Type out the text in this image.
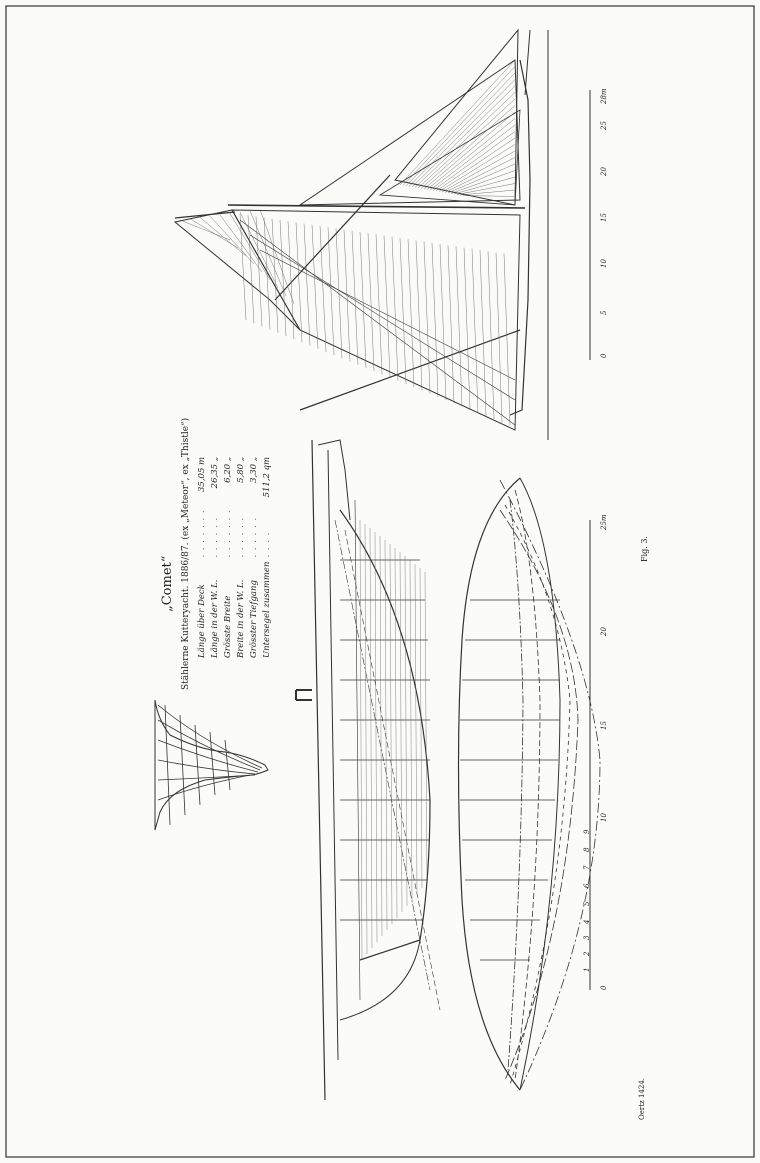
„Comet“ Stählerne Kutteryacht. 1886/87. (ex „Meteor“, ex „Thistle“) Länge über Deck	. . . . . . .	35,05 m
Länge in der W. L.	. . . . . .	26,35 „
Grösste Breite	. . . . . . .	6,20 „
Breite in der W. L.	. . . . . .	5,80 „
Grösster Tiefgang	. . . . . .	3,30 „
Untersegel zusammen	. . . .	511,2 qm
Fig. 3.
Oertz 1424.
0
5
10
15
20
25
28m
0
10
15
20
25m
1
2
3
4
5
6
7
8
9
